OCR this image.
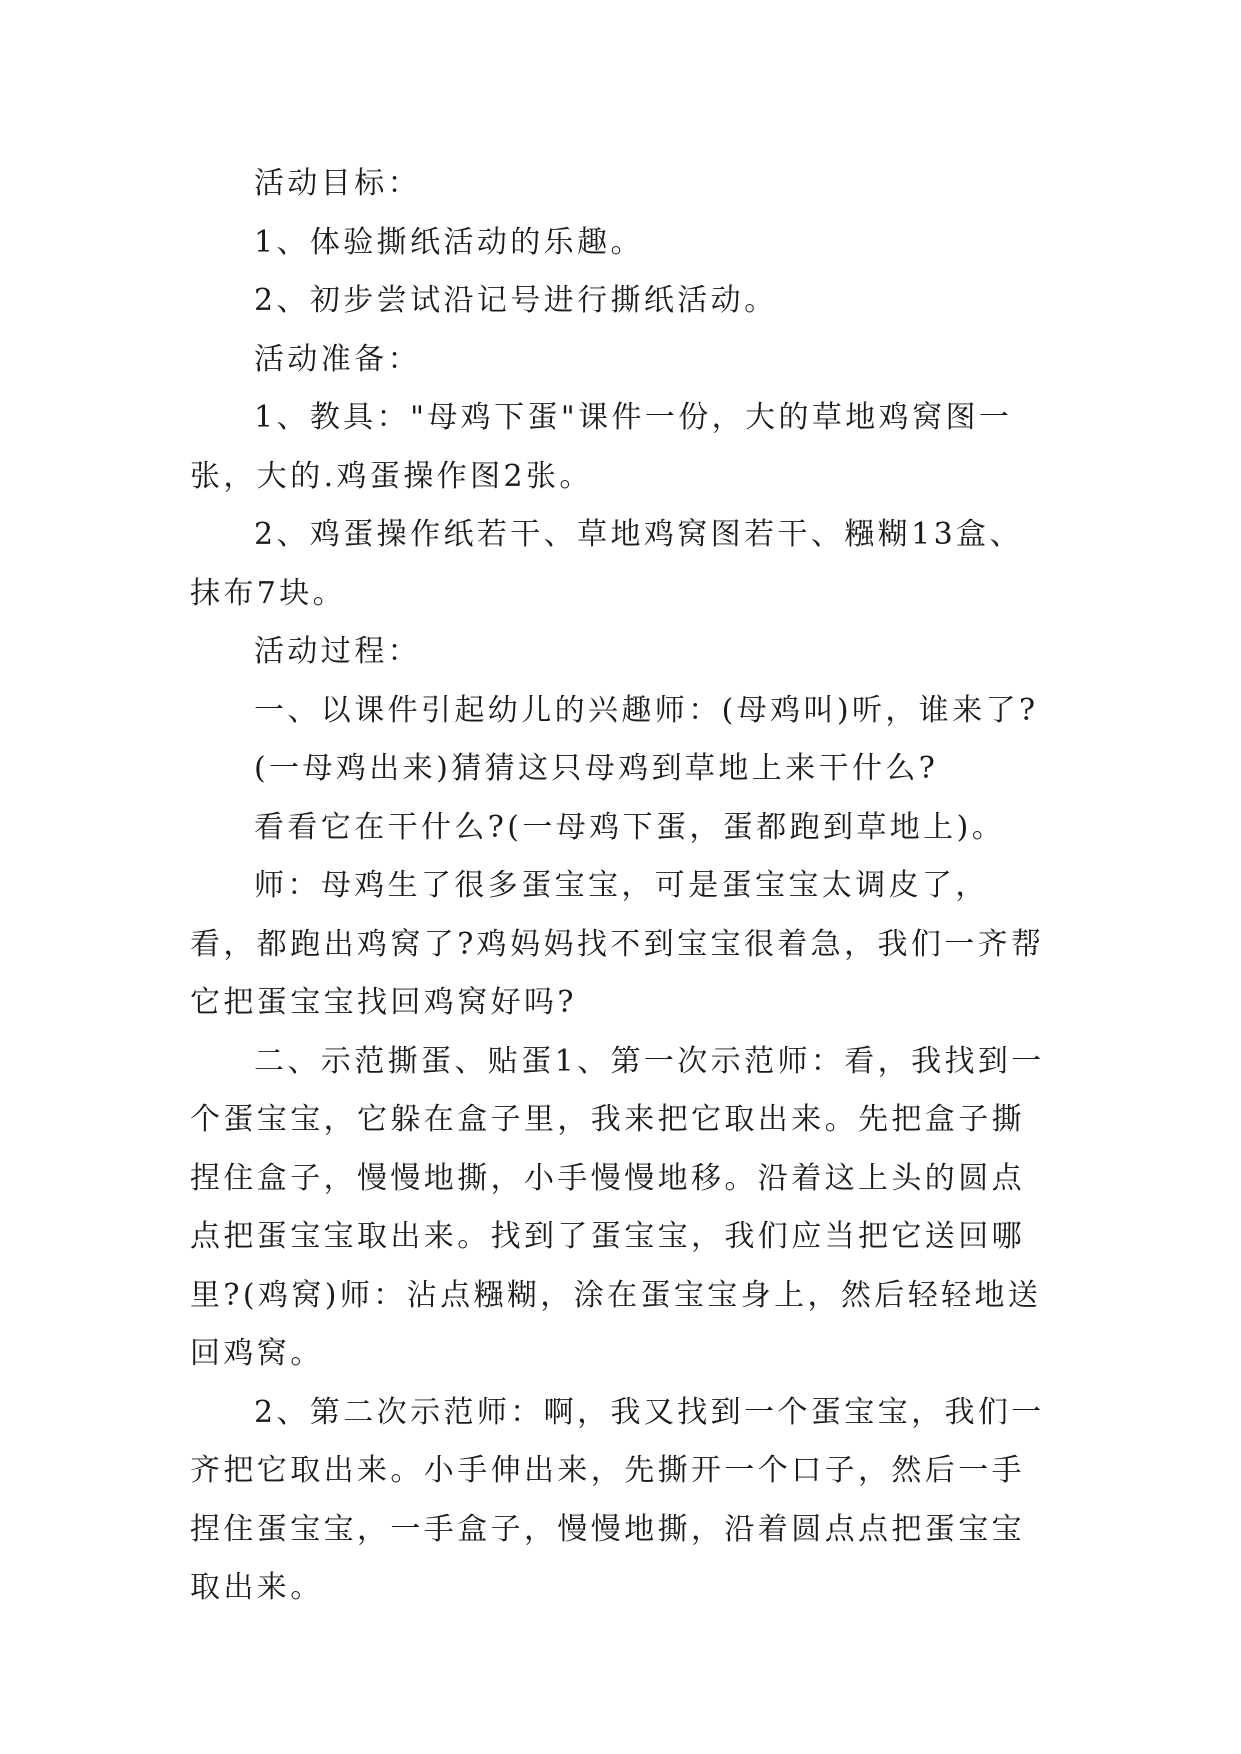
活动目标：

1、体验撕纸活动的乐趣。

2、初步尝试沿记号进行撕纸活动。

活动准备：

1、教具："母鸡下蛋"课件一份，大的草地鸡窝图一张，大的.鸡蛋操作图2张。

2、鸡蛋操作纸若干、草地鸡窝图若干、糨糊13盒、抹布7块。

活动过程：

一、以课件引起幼儿的兴趣师：(母鸡叫)听，谁来了?

(一母鸡出来)猜猜这只母鸡到草地上来干什么?

看看它在干什么?(一母鸡下蛋，蛋都跑到草地上)。

师：母鸡生了很多蛋宝宝，可是蛋宝宝太调皮了，看，都跑出鸡窝了?鸡妈妈找不到宝宝很着急，我们一齐帮它把蛋宝宝找回鸡窝好吗?

二、示范撕蛋、贴蛋1、第一次示范师：看，我找到一个蛋宝宝，它躲在盒子里，我来把它取出来。先把盒子撕捏住盒子，慢慢地撕，小手慢慢地移。沿着这上头的圆点点把蛋宝宝取出来。找到了蛋宝宝，我们应当把它送回哪里?(鸡窝)师：沾点糨糊，涂在蛋宝宝身上，然后轻轻地送回鸡窝。

2、第二次示范师：啊，我又找到一个蛋宝宝，我们一齐把它取出来。小手伸出来，先撕开一个口子，然后一手捏住蛋宝宝，一手盒子，慢慢地撕，沿着圆点点把蛋宝宝取出来。
